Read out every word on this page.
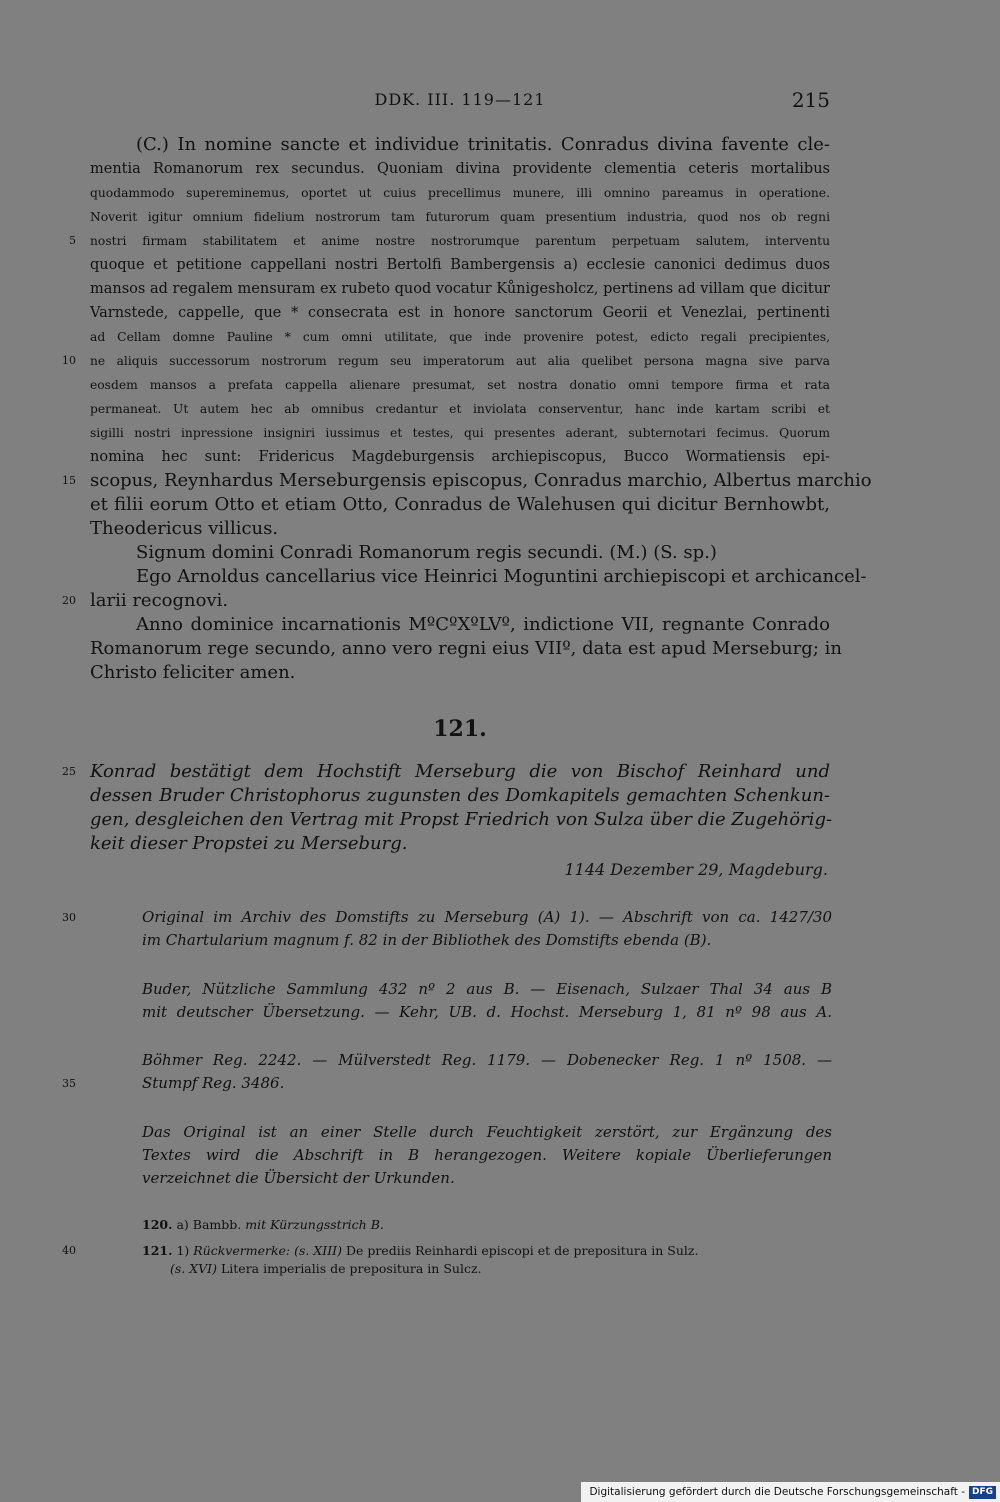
DDK. III. 119—121	215
(C.) In nomine sancte et individue trinitatis. Conradus divina favente cle-
mentia Romanorum rex secundus. Quoniam divina providente clementia ceteris mortalibus
quodammodo supereminemus, oportet ut cuius precellimus munere, illi omnino pareamus in operatione.
Noverit igitur omnium fidelium nostrorum tam futurorum quam presentium industria, quod nos ob regni
5 nostri firmam stabilitatem et anime nostre nostrorumque parentum perpetuam salutem, interventu
quoque et petitione cappellani nostri Bertolfi Bambergensis a) ecclesie canonici dedimus duos
mansos ad regalem mensuram ex rubeto quod vocatur Kůnigesholcz, pertinens ad villam que dicitur
Varnstede, cappelle, que * consecrata est in honore sanctorum Georii et Venezlai, pertinenti
ad Cellam domne Pauline * cum omni utilitate, que inde provenire potest, edicto regali precipientes,
10 ne aliquis successorum nostrorum regum seu imperatorum aut alia quelibet persona magna sive parva
eosdem mansos a prefata cappella alienare presumat, set nostra donatio omni tempore firma et rata
permaneat. Ut autem hec ab omnibus credantur et inviolata conserventur, hanc inde kartam scribi et
sigilli nostri inpressione insigniri iussimus et testes, qui presentes aderant, subternotari fecimus. Quorum
nomina hec sunt: Fridericus Magdeburgensis archiepiscopus, Bucco Wormatiensis epi-
15 scopus, Reynhardus Merseburgensis episcopus, Conradus marchio, Albertus marchio
et filii eorum Otto et etiam Otto, Conradus de Walehusen qui dicitur Bernhowbt,
Theodericus villicus.
Signum domini Conradi Romanorum regis secundi. (M.) (S. sp.)
Ego Arnoldus cancellarius vice Heinrici Moguntini archiepiscopi et archicancel-
20 larii recognovi.
Anno dominice incarnationis MºCºXºLVº, indictione VII, regnante Conrado
Romanorum rege secundo, anno vero regni eius VIIº, data est apud Merseburg; in
Christo feliciter amen.
121.
25 Konrad bestätigt dem Hochstift Merseburg die von Bischof Reinhard und
dessen Bruder Christophorus zugunsten des Domkapitels gemachten Schenkun-
gen, desgleichen den Vertrag mit Propst Friedrich von Sulza über die Zugehörig-
keit dieser Propstei zu Merseburg.
1144 Dezember 29, Magdeburg.
30	Original im Archiv des Domstifts zu Merseburg (A) 1). — Abschrift von ca. 1427/30
im Chartularium magnum f. 82 in der Bibliothek des Domstifts ebenda (B).
Buder, Nützliche Sammlung 432 nº 2 aus B. — Eisenach, Sulzaer Thal 34 aus B
mit deutscher Übersetzung. — Kehr, UB. d. Hochst. Merseburg 1, 81 nº 98 aus A.
Böhmer Reg. 2242. — Mülverstedt Reg. 1179. — Dobenecker Reg. 1 nº 1508. —
35	Stumpf Reg. 3486.
Das Original ist an einer Stelle durch Feuchtigkeit zerstört, zur Ergänzung des
Textes wird die Abschrift in B herangezogen. Weitere kopiale Überlieferungen
verzeichnet die Übersicht der Urkunden.
120. a) Bambb. mit Kürzungsstrich B.
40	121. 1) Rückvermerke: (s. XIII) De prediis Reinhardi episcopi et de prepositura in Sulz.
(s. XVI) Litera imperialis de prepositura in Sulcz.
Digitalisierung gefördert durch die Deutsche Forschungsgemeinschaft - DFG
